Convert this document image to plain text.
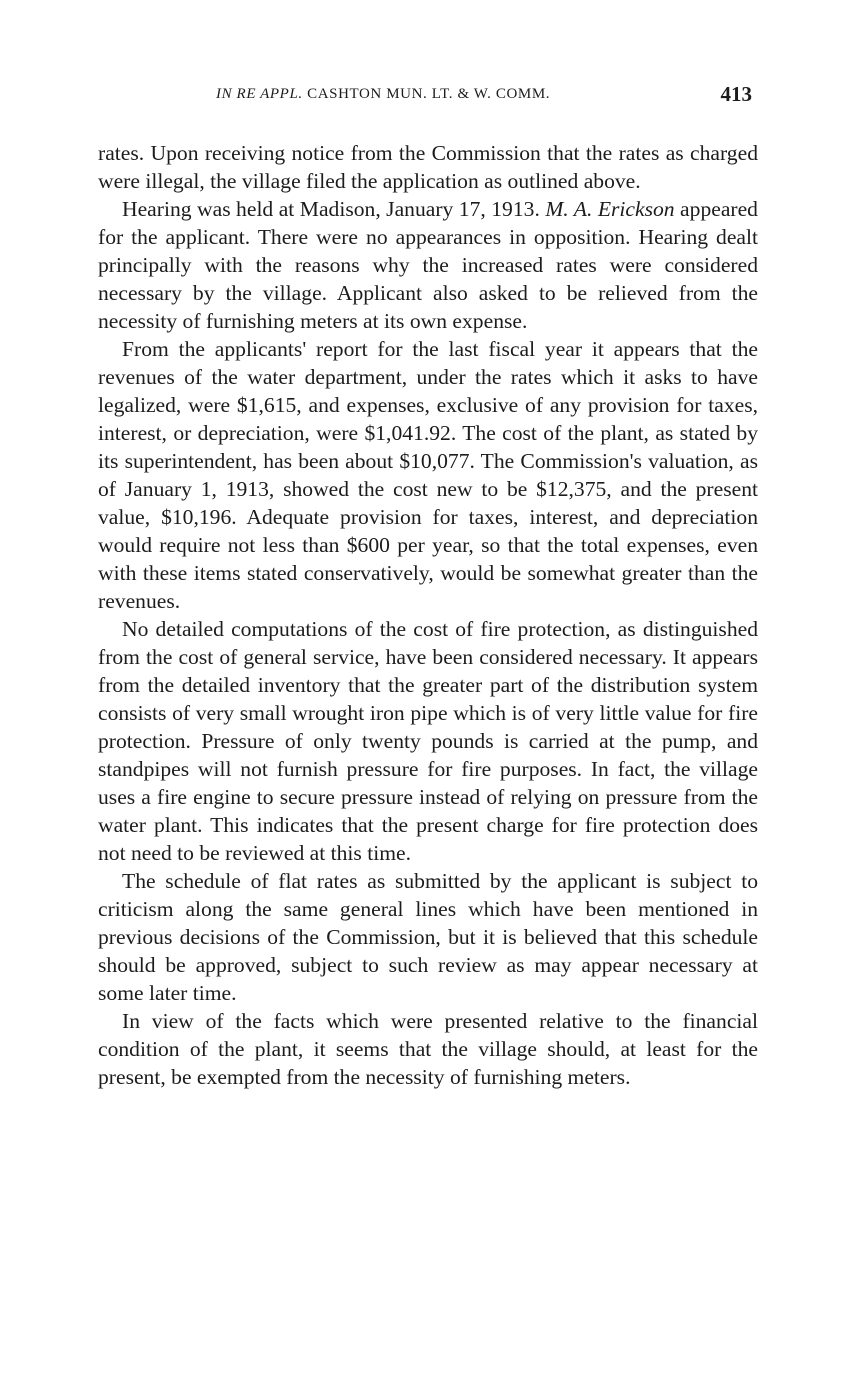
IN RE APPL. CASHTON MUN. LT. & W. COMM.	413

rates. Upon receiving notice from the Commission that the rates as charged were illegal, the village filed the application as outlined above.

Hearing was held at Madison, January 17, 1913. M. A. Erickson appeared for the applicant. There were no appearances in opposition. Hearing dealt principally with the reasons why the increased rates were considered necessary by the village. Applicant also asked to be relieved from the necessity of furnishing meters at its own expense.

From the applicants' report for the last fiscal year it appears that the revenues of the water department, under the rates which it asks to have legalized, were $1,615, and expenses, exclusive of any provision for taxes, interest, or depreciation, were $1,041.92. The cost of the plant, as stated by its superintendent, has been about $10,077. The Commission's valuation, as of January 1, 1913, showed the cost new to be $12,375, and the present value, $10,196. Adequate provision for taxes, interest, and depreciation would require not less than $600 per year, so that the total expenses, even with these items stated conservatively, would be somewhat greater than the revenues.

No detailed computations of the cost of fire protection, as distinguished from the cost of general service, have been considered necessary. It appears from the detailed inventory that the greater part of the distribution system consists of very small wrought iron pipe which is of very little value for fire protection. Pressure of only twenty pounds is carried at the pump, and standpipes will not furnish pressure for fire purposes. In fact, the village uses a fire engine to secure pressure instead of relying on pressure from the water plant. This indicates that the present charge for fire protection does not need to be reviewed at this time.

The schedule of flat rates as submitted by the applicant is subject to criticism along the same general lines which have been mentioned in previous decisions of the Commission, but it is believed that this schedule should be approved, subject to such review as may appear necessary at some later time.

In view of the facts which were presented relative to the financial condition of the plant, it seems that the village should, at least for the present, be exempted from the necessity of furnishing meters.
